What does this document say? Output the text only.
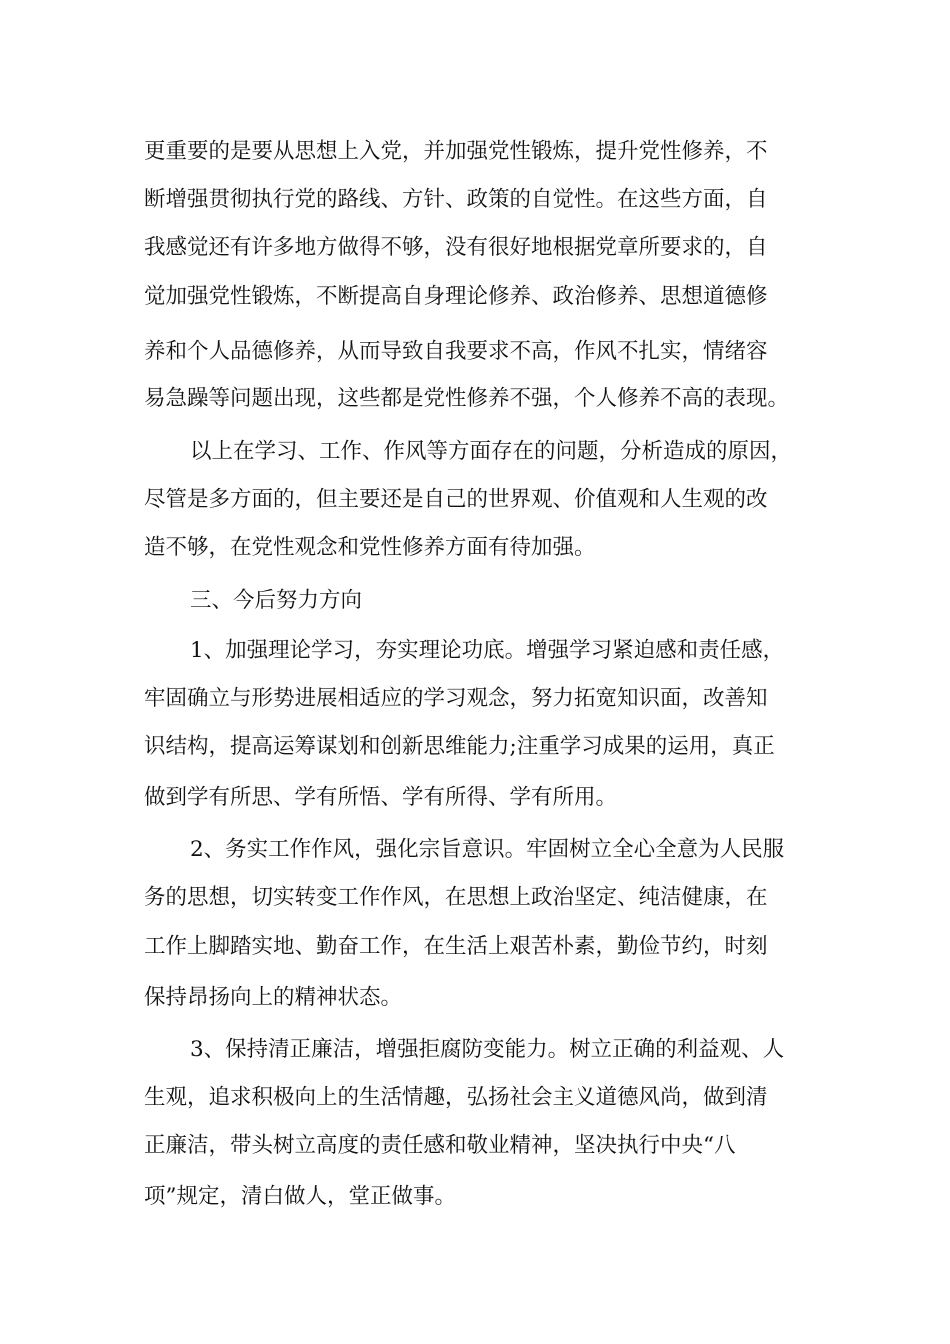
更重要的是要从思想上入党，并加强党性锻炼，提升党性修养，不
断增强贯彻执行党的路线、方针、政策的自觉性。在这些方面，自
我感觉还有许多地方做得不够，没有很好地根据党章所要求的，自
觉加强党性锻炼，不断提高自身理论修养、政治修养、思想道德修
养和个人品德修养，从而导致自我要求不高，作风不扎实，情绪容
易急躁等问题出现，这些都是党性修养不强，个人修养不高的表现。
以上在学习、工作、作风等方面存在的问题，分析造成的原因，
尽管是多方面的，但主要还是自己的世界观、价值观和人生观的改
造不够，在党性观念和党性修养方面有待加强。
三、今后努力方向
1、加强理论学习，夯实理论功底。增强学习紧迫感和责任感，
牢固确立与形势进展相适应的学习观念，努力拓宽知识面，改善知
识结构，提高运筹谋划和创新思维能力;注重学习成果的运用，真正
做到学有所思、学有所悟、学有所得、学有所用。
2、务实工作作风，强化宗旨意识。牢固树立全心全意为人民服
务的思想，切实转变工作作风，在思想上政治坚定、纯洁健康，在
工作上脚踏实地、勤奋工作，在生活上艰苦朴素，勤俭节约，时刻
保持昂扬向上的精神状态。
3、保持清正廉洁，增强拒腐防变能力。树立正确的利益观、人
生观，追求积极向上的生活情趣，弘扬社会主义道德风尚，做到清
正廉洁，带头树立高度的责任感和敬业精神，坚决执行中央“八
项”规定，清白做人，堂正做事。
